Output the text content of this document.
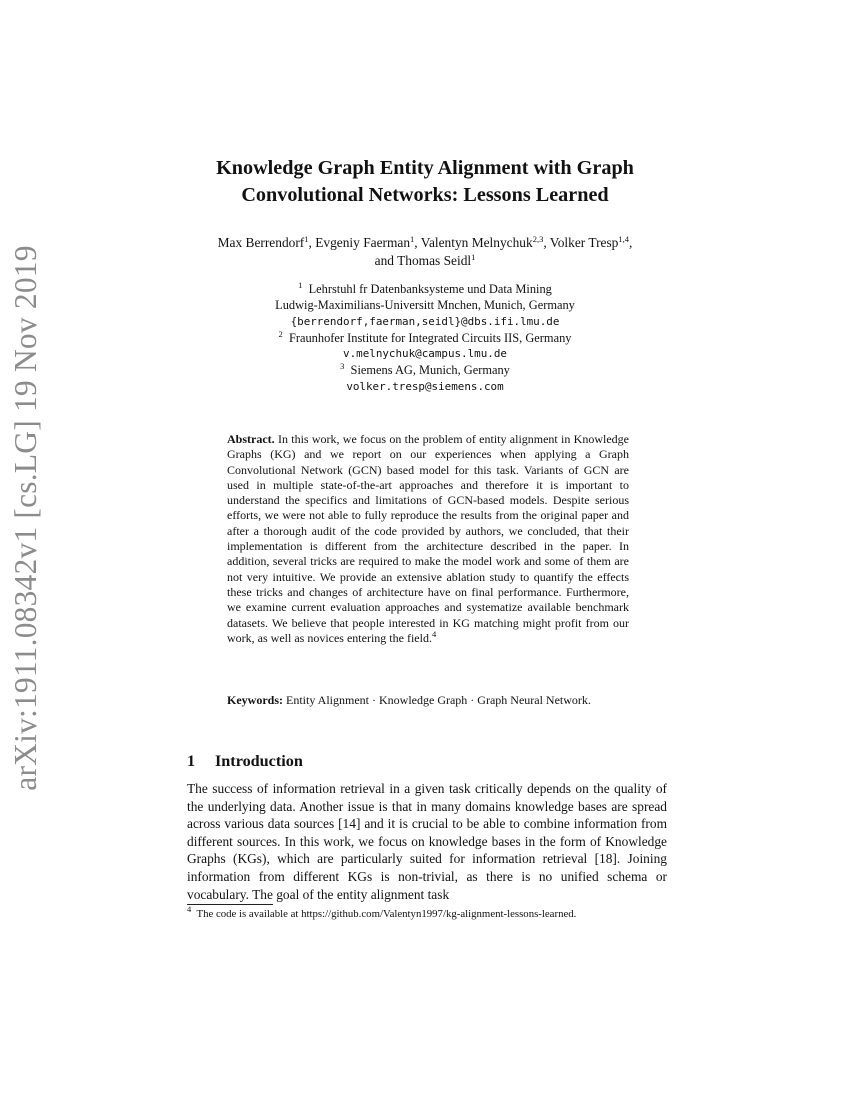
arXiv:1911.08342v1 [cs.LG] 19 Nov 2019
Knowledge Graph Entity Alignment with Graph
Convolutional Networks: Lessons Learned
Max Berrendorf$^1$, Evgeniy Faerman$^1$, Valentyn Melnychuk$^{2,3}$, Volker Tresp$^{1,4}$,
and Thomas Seidl$^1$
$^1$ Lehrstuhl fr Datenbanksysteme und Data Mining
Ludwig-Maximilians-Universitt Mnchen, Munich, Germany
{berrendorf,faerman,seidl}@dbs.ifi.lmu.de
$^2$ Fraunhofer Institute for Integrated Circuits IIS, Germany
v.melnychuk@campus.lmu.de
$^3$ Siemens AG, Munich, Germany
volker.tresp@siemens.com
Abstract. In this work, we focus on the problem of entity alignment in Knowledge Graphs (KG) and we report on our experiences when applying a Graph Convolutional Network (GCN) based model for this task. Variants of GCN are used in multiple state-of-the-art approaches and therefore it is important to understand the specifics and limitations of GCN-based models. Despite serious efforts, we were not able to fully reproduce the results from the original paper and after a thorough audit of the code provided by authors, we concluded, that their implementation is different from the architecture described in the paper. In addition, several tricks are required to make the model work and some of them are not very intuitive. We provide an extensive ablation study to quantify the effects these tricks and changes of architecture have on final performance. Furthermore, we examine current evaluation approaches and systematize available benchmark datasets. We believe that people interested in KG matching might profit from our work, as well as novices entering the field.$^4$
Keywords: Entity Alignment · Knowledge Graph · Graph Neural Network.
1 Introduction
The success of information retrieval in a given task critically depends on the quality of the underlying data. Another issue is that in many domains knowledge bases are spread across various data sources [14] and it is crucial to be able to combine information from different sources. In this work, we focus on knowledge bases in the form of Knowledge Graphs (KGs), which are particularly suited for information retrieval [18]. Joining information from different KGs is non-trivial, as there is no unified schema or vocabulary. The goal of the entity alignment task
$^4$ The code is available at https://github.com/Valentyn1997/kg-alignment-lessons-learned.
